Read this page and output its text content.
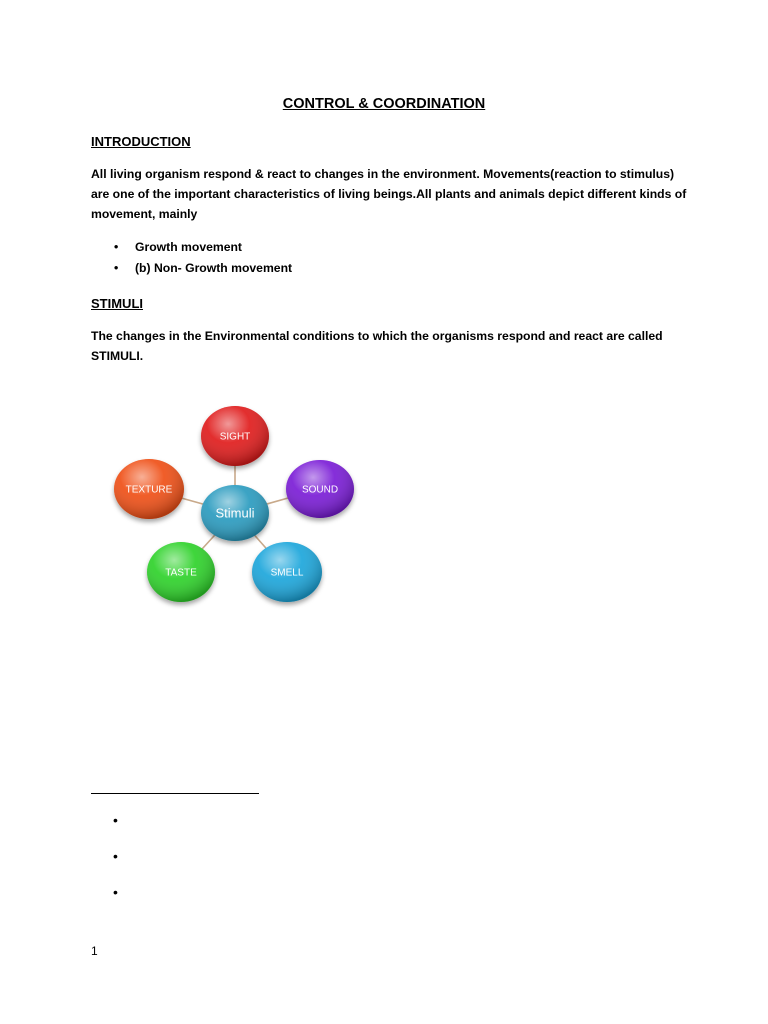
CONTROL & COORDINATION
INTRODUCTION
All living organism respond & react to changes in the environment. Movements(reaction to stimulus)
are one of the important characteristics of living beings.All plants and animals depict different kinds of
movement, mainly
• Growth movement
• (b) Non- Growth movement
STIMULI
The changes in the Environmental conditions to which the organisms respond and react are called
STIMULI.
SIGHT
SOUND
SMELL
TASTE
TEXTURE
Stimuli
•
•
•
1
